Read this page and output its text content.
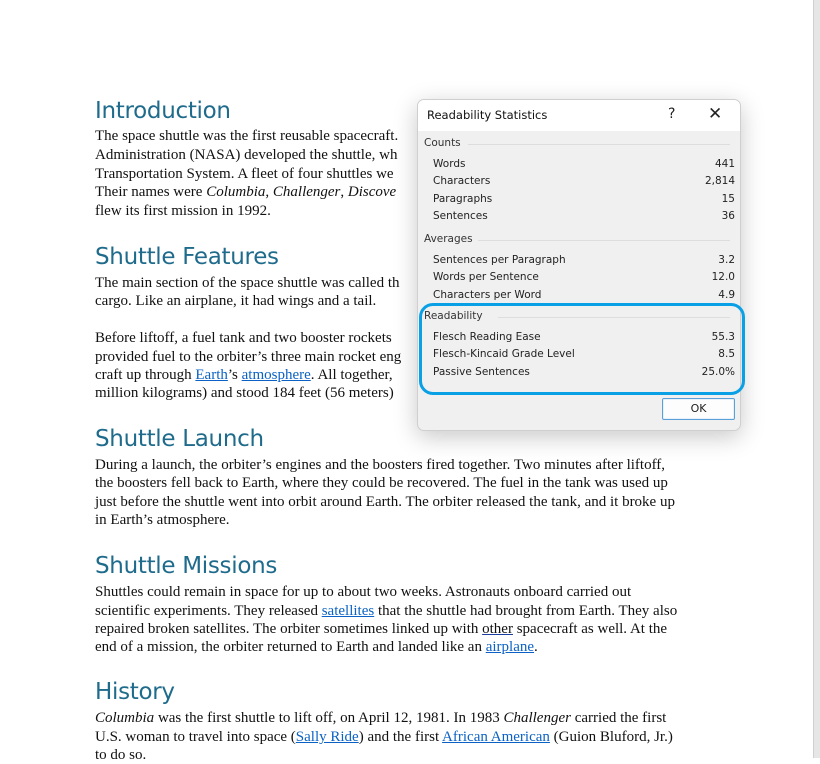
Introduction
The space shuttle was the first reusable spacecraft.
Administration (NASA) developed the shuttle, wh
Transportation System. A fleet of four shuttles we
Their names were Columbia, Challenger, Discove
flew its first mission in 1992.
Shuttle Features
The main section of the space shuttle was called th
cargo. Like an airplane, it had wings and a tail.
Before liftoff, a fuel tank and two booster rockets
provided fuel to the orbiter’s three main rocket eng
craft up through Earth’s atmosphere. All together,
million kilograms) and stood 184 feet (56 meters)
Shuttle Launch
During a launch, the orbiter’s engines and the boosters fired together. Two minutes after liftoff,
the boosters fell back to Earth, where they could be recovered. The fuel in the tank was used up
just before the shuttle went into orbit around Earth. The orbiter released the tank, and it broke up
in Earth’s atmosphere.
Shuttle Missions
Shuttles could remain in space for up to about two weeks. Astronauts onboard carried out
scientific experiments. They released satellites that the shuttle had brought from Earth. They also
repaired broken satellites. The orbiter sometimes linked up with other spacecraft as well. At the
end of a mission, the orbiter returned to Earth and landed like an airplane.
History
Columbia was the first shuttle to lift off, on April 12, 1981. In 1983 Challenger carried the first
U.S. woman to travel into space (Sally Ride) and the first African American (Guion Bluford, Jr.)
to do so.
Readability Statistics	? ✕
Counts
Words	441
Characters	2,814
Paragraphs	15
Sentences	36
Averages
Sentences per Paragraph	3.2
Words per Sentence	12.0
Characters per Word	4.9
Readability
Flesch Reading Ease	55.3
Flesch-Kincaid Grade Level	8.5
Passive Sentences	25.0%
OK
